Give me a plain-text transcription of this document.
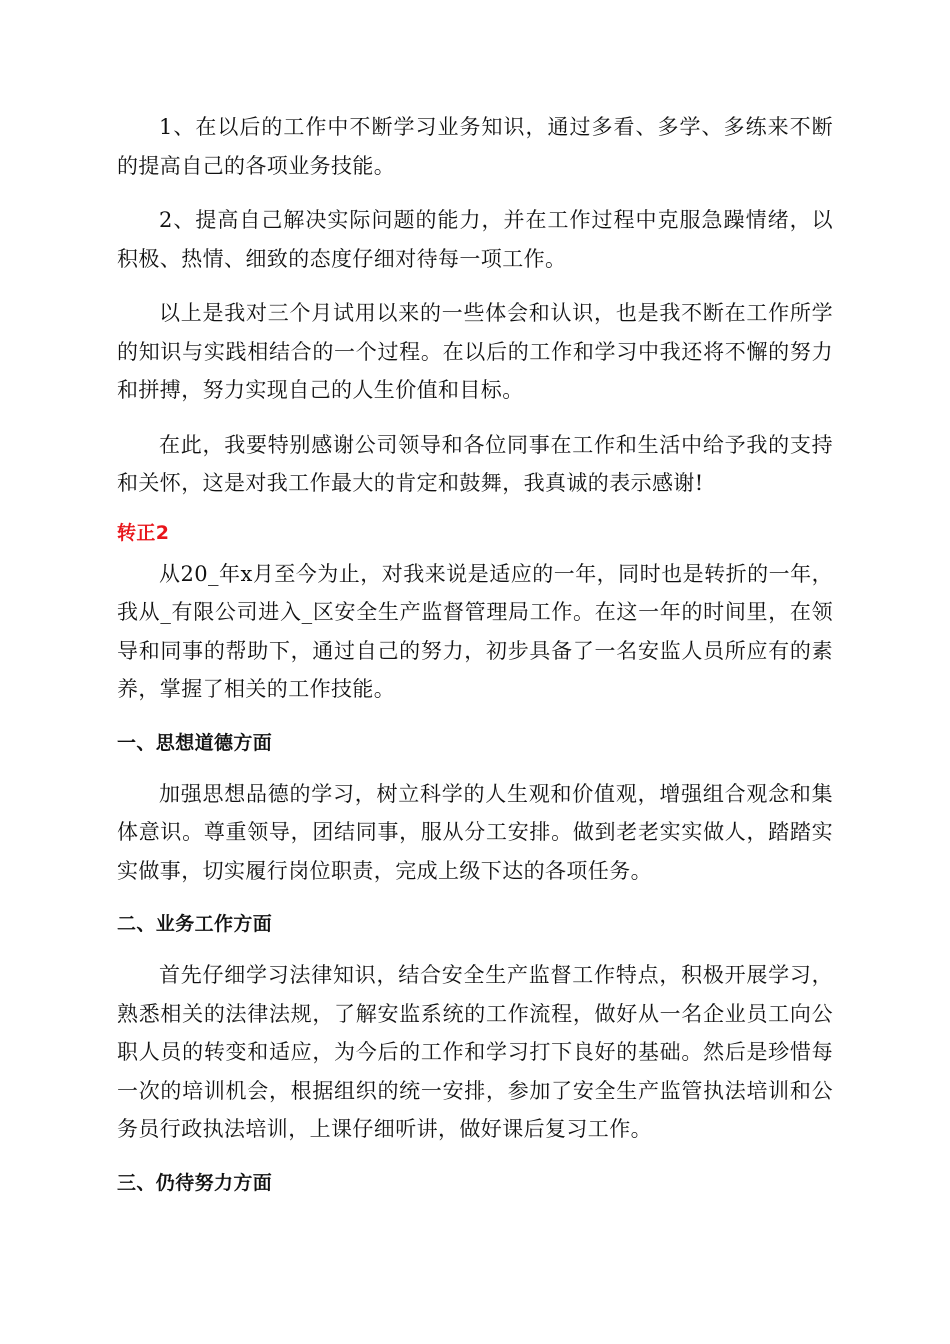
1、在以后的工作中不断学习业务知识，通过多看、多学、多练来不断的提高自己的各项业务技能。

2、提高自己解决实际问题的能力，并在工作过程中克服急躁情绪，以积极、热情、细致的态度仔细对待每一项工作。

以上是我对三个月试用以来的一些体会和认识，也是我不断在工作所学的知识与实践相结合的一个过程。在以后的工作和学习中我还将不懈的努力和拼搏，努力实现自己的人生价值和目标。

在此，我要特别感谢公司领导和各位同事在工作和生活中给予我的支持和关怀，这是对我工作最大的肯定和鼓舞，我真诚的表示感谢!

转正2

从20_年x月至今为止，对我来说是适应的一年，同时也是转折的一年，我从_有限公司进入_区安全生产监督管理局工作。在这一年的时间里，在领导和同事的帮助下，通过自己的努力，初步具备了一名安监人员所应有的素养，掌握了相关的工作技能。

一、思想道德方面

加强思想品德的学习，树立科学的人生观和价值观，增强组合观念和集体意识。尊重领导，团结同事，服从分工安排。做到老老实实做人，踏踏实实做事，切实履行岗位职责，完成上级下达的各项任务。

二、业务工作方面

首先仔细学习法律知识，结合安全生产监督工作特点，积极开展学习，熟悉相关的法律法规，了解安监系统的工作流程，做好从一名企业员工向公职人员的转变和适应，为今后的工作和学习打下良好的基础。然后是珍惜每一次的培训机会，根据组织的统一安排，参加了安全生产监管执法培训和公务员行政执法培训，上课仔细听讲，做好课后复习工作。

三、仍待努力方面
